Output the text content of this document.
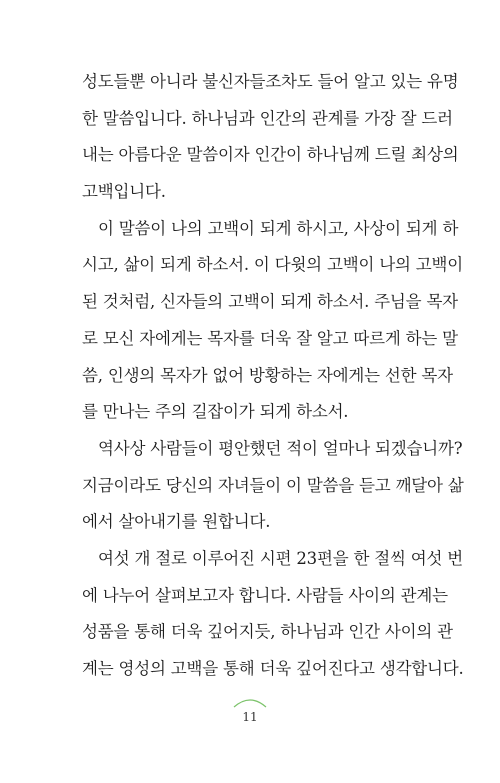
성도들뿐 아니라 불신자들조차도 들어 알고 있는 유명
한 말씀입니다. 하나님과 인간의 관계를 가장 잘 드러
내는 아름다운 말씀이자 인간이 하나님께 드릴 최상의
고백입니다.

이 말씀이 나의 고백이 되게 하시고, 사상이 되게 하
시고, 삶이 되게 하소서. 이 다윗의 고백이 나의 고백이
된 것처럼, 신자들의 고백이 되게 하소서. 주님을 목자
로 모신 자에게는 목자를 더욱 잘 알고 따르게 하는 말
씀, 인생의 목자가 없어 방황하는 자에게는 선한 목자
를 만나는 주의 길잡이가 되게 하소서.

역사상 사람들이 평안했던 적이 얼마나 되겠습니까?
지금이라도 당신의 자녀들이 이 말씀을 듣고 깨달아 삶
에서 살아내기를 원합니다.

여섯 개 절로 이루어진 시편 23편을 한 절씩 여섯 번
에 나누어 살펴보고자 합니다. 사람들 사이의 관계는
성품을 통해 더욱 깊어지듯, 하나님과 인간 사이의 관
계는 영성의 고백을 통해 더욱 깊어진다고 생각합니다.

11
